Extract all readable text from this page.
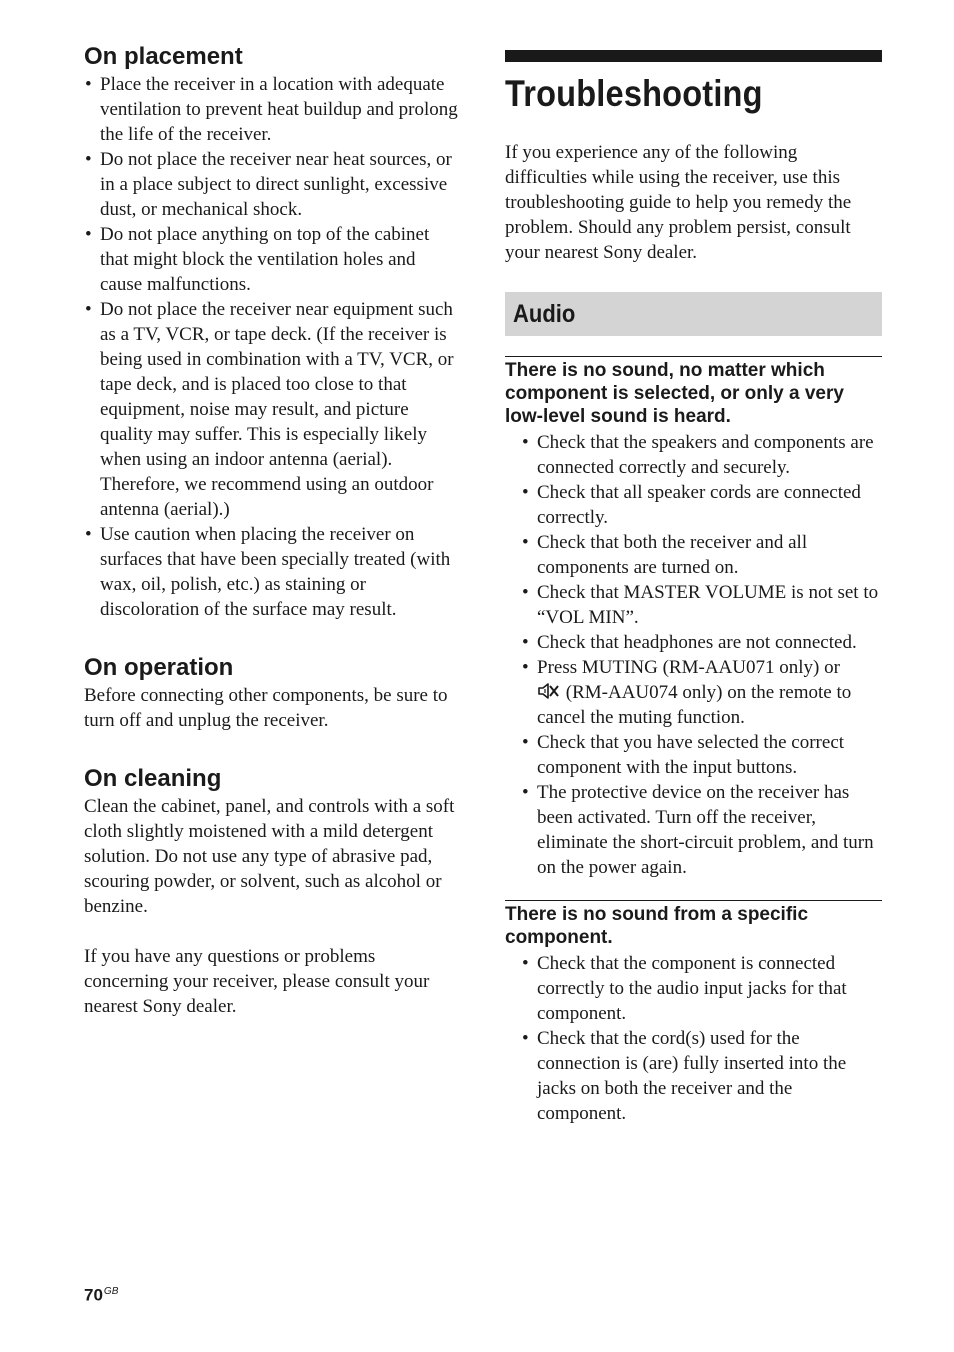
On placement
• Place the receiver in a location with adequate ventilation to prevent heat buildup and prolong the life of the receiver.
• Do not place the receiver near heat sources, or in a place subject to direct sunlight, excessive dust, or mechanical shock.
• Do not place anything on top of the cabinet that might block the ventilation holes and cause malfunctions.
• Do not place the receiver near equipment such as a TV, VCR, or tape deck. (If the receiver is being used in combination with a TV, VCR, or tape deck, and is placed too close to that equipment, noise may result, and picture quality may suffer. This is especially likely when using an indoor antenna (aerial). Therefore, we recommend using an outdoor antenna (aerial).)
• Use caution when placing the receiver on surfaces that have been specially treated (with wax, oil, polish, etc.) as staining or discoloration of the surface may result.
On operation

Before connecting other components, be sure to turn off and unplug the receiver.

On cleaning

Clean the cabinet, panel, and controls with a soft cloth slightly moistened with a mild detergent solution. Do not use any type of abrasive pad, scouring powder, or solvent, such as alcohol or benzine.

If you have any questions or problems concerning your receiver, please consult your nearest Sony dealer.

Troubleshooting

If you experience any of the following difficulties while using the receiver, use this troubleshooting guide to help you remedy the problem. Should any problem persist, consult your nearest Sony dealer.

Audio

There is no sound, no matter which component is selected, or only a very low-level sound is heard.

• Check that the speakers and components are connected correctly and securely.
• Check that all speaker cords are connected correctly.
• Check that both the receiver and all components are turned on.
• Check that MASTER VOLUME is not set to “VOL MIN”.
• Check that headphones are not connected.
• Press MUTING (RM-AAU071 only) or
(RM-AAU074 only) on the remote to cancel the muting function.
• Check that you have selected the correct component with the input buttons.
• The protective device on the receiver has been activated. Turn off the receiver, eliminate the short-circuit problem, and turn on the power again.

There is no sound from a specific component.

• Check that the component is connected correctly to the audio input jacks for that component.
• Check that the cord(s) used for the connection is (are) fully inserted into the jacks on both the receiver and the component.
$70^{GB}$
